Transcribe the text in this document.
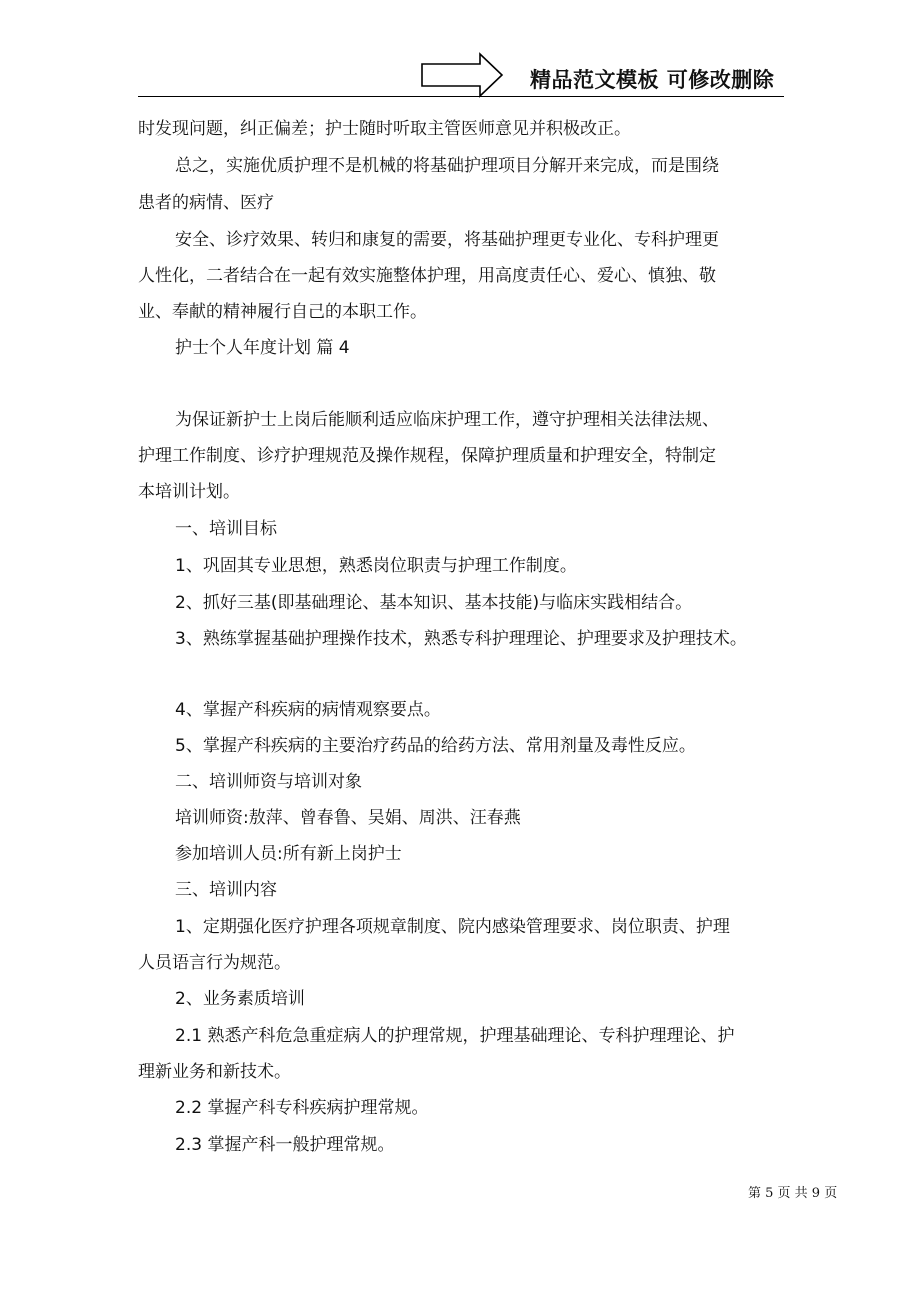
精品范文模板 可修改删除
时发现问题，纠正偏差；护士随时听取主管医师意见并积极改正。
总之，实施优质护理不是机械的将基础护理项目分解开来完成，而是围绕
患者的病情、医疗
安全、诊疗效果、转归和康复的需要，将基础护理更专业化、专科护理更
人性化，二者结合在一起有效实施整体护理，用高度责任心、爱心、慎独、敬
业、奉献的精神履行自己的本职工作。
护士个人年度计划 篇 4
为保证新护士上岗后能顺利适应临床护理工作，遵守护理相关法律法规、
护理工作制度、诊疗护理规范及操作规程，保障护理质量和护理安全，特制定
本培训计划。
一、培训目标
1、巩固其专业思想，熟悉岗位职责与护理工作制度。
2、抓好三基(即基础理论、基本知识、基本技能)与临床实践相结合。
3、熟练掌握基础护理操作技术，熟悉专科护理理论、护理要求及护理技术。
4、掌握产科疾病的病情观察要点。
5、掌握产科疾病的主要治疗药品的给药方法、常用剂量及毒性反应。
二、培训师资与培训对象
培训师资:敖萍、曾春鲁、吴娟、周洪、汪春燕
参加培训人员:所有新上岗护士
三、培训内容
1、定期强化医疗护理各项规章制度、院内感染管理要求、岗位职责、护理
人员语言行为规范。
2、业务素质培训
2.1 熟悉产科危急重症病人的护理常规，护理基础理论、专科护理理论、护
理新业务和新技术。
2.2 掌握产科专科疾病护理常规。
2.3 掌握产科一般护理常规。
第 5 页 共 9 页
